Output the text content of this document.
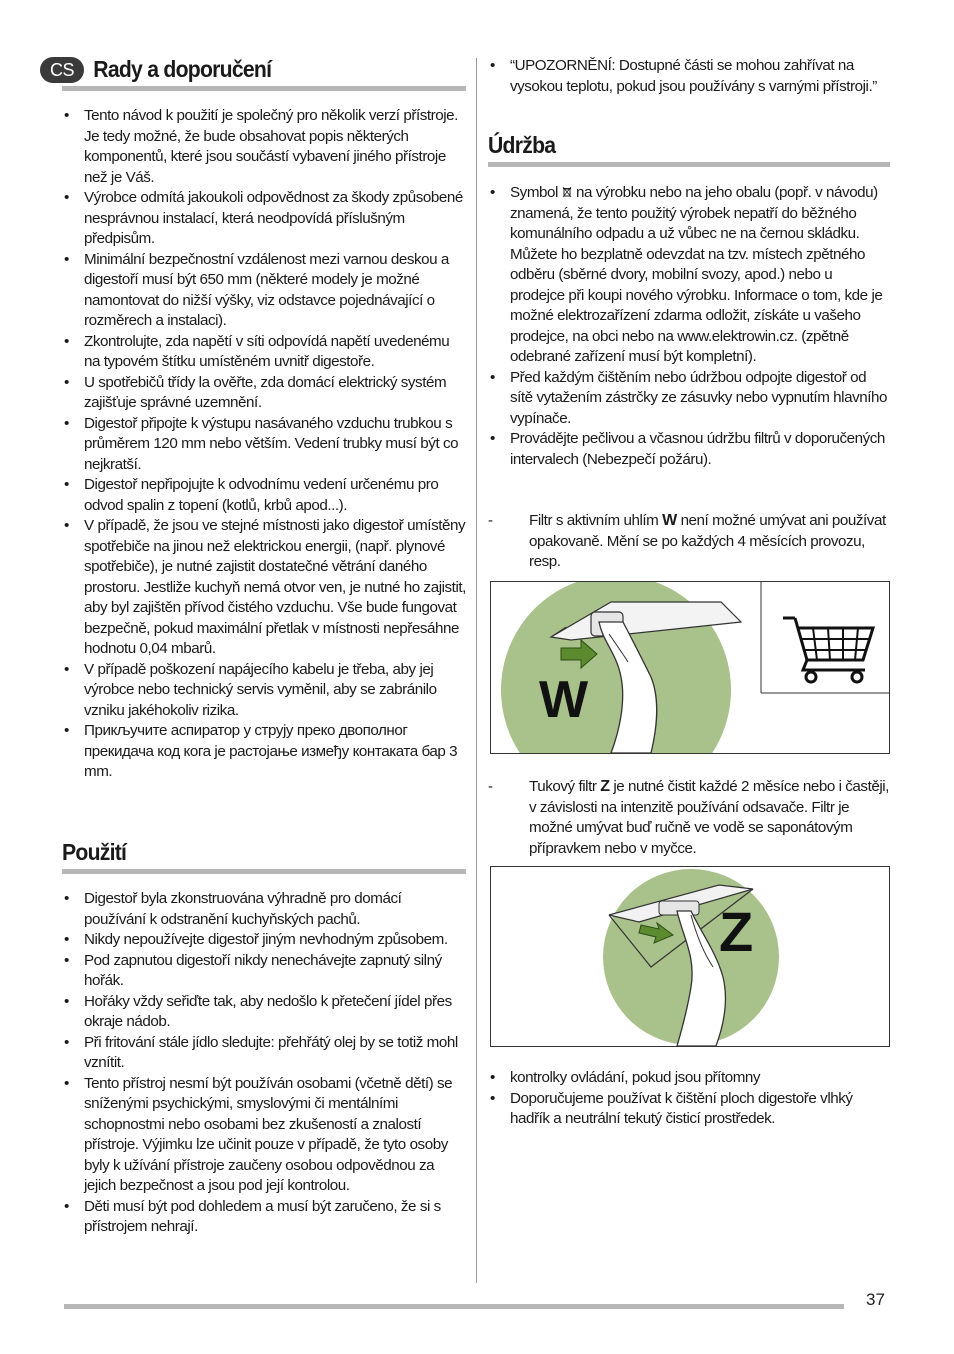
CS Rady a doporučení
• Tento návod k použití je společný pro několik verzí přístroje. Je tedy možné, že bude obsahovat popis některých komponentů, které jsou součástí vybavení jiného přístroje než je Váš.
• Výrobce odmítá jakoukoli odpovědnost za škody způsobené nesprávnou instalací, která neodpovídá příslušným předpisům.
• Minimální bezpečnostní vzdálenost mezi varnou deskou a digestoří musí být 650 mm (některé modely je možné namontovat do nižší výšky, viz odstavce pojednávající o rozměrech a instalaci).
• Zkontrolujte, zda napětí v síti odpovídá napětí uvedenému na typovém štítku umístěném uvnitř digestoře.
• U spotřebičů třídy la ověřte, zda domácí elektrický systém zajišťuje správné uzemnění.
• Digestoř připojte k výstupu nasávaného vzduchu trubkou s průměrem 120 mm nebo větším. Vedení trubky musí být co nejkratší.
• Digestoř nepřipojujte k odvodnímu vedení určenému pro odvod spalin z topení (kotlů, krbů apod...).
• V případě, že jsou ve stejné místnosti jako digestoř umístěny spotřebiče na jinou než elektrickou energii, (např. plynové spotřebiče), je nutné zajistit dostatečné větrání daného prostoru. Jestliže kuchyň nemá otvor ven, je nutné ho zajistit, aby byl zajištěn přívod čistého vzduchu. Vše bude fungovat bezpečně, pokud maximální přetlak v místnosti nepřesáhne hodnotu 0,04 mbarů.
• V případě poškození napájecího kabelu je třeba, aby jej výrobce nebo technický servis vyměnil, aby se zabránilo vzniku jakéhokoliv rizika.
• Прикључите аспиратор у струју преко двополног прекидача код кога је растојање између контаката бар 3 mm.
Použití
• Digestoř byla zkonstruována výhradně pro domácí používání k odstranění kuchyňských pachů.
• Nikdy nepoužívejte digestoř jiným nevhodným způsobem.
• Pod zapnutou digestoří nikdy nenechávejte zapnutý silný hořák.
• Hořáky vždy seřiďte tak, aby nedošlo k přetečení jídel přes okraje nádob.
• Při fritování stále jídlo sledujte: přehřátý olej by se totiž mohl vznítit.
• Tento přístroj nesmí být používán osobami (včetně dětí) se sníženými psychickými, smyslovými či mentálními schopnostmi nebo osobami bez zkušeností a znalostí přístroje. Výjimku lze učinit pouze v případě, že tyto osoby byly k užívání přístroje zaučeny osobou odpovědnou za jejich bezpečnost a jsou pod její kontrolou.
• Děti musí být pod dohledem a musí být zaručeno, že si s přístrojem nehrají.
• “UPOZORNĚNÍ: Dostupné části se mohou zahřívat na vysokou teplotu, pokud jsou používány s varnými přístroji.”
Údržba
• Symbol na výrobku nebo na jeho obalu (popř. v návodu) znamená, že tento použitý výrobek nepatří do běžného komunálního odpadu a už vůbec ne na černou skládku. Můžete ho bezplatně odevzdat na tzv. místech zpětného odběru (sběrné dvory, mobilní svozy, apod.) nebo u prodejce při koupi nového výrobku. Informace o tom, kde je možné elektrozařízení zdarma odložit, získáte u vašeho prodejce, na obci nebo na www.elektrowin.cz. (zpětně odebrané zařízení musí být kompletní).
• Před každým čištěním nebo údržbou odpojte digestoř od sítě vytažením zástrčky ze zásuvky nebo vypnutím hlavního vypínače.
• Provádějte pečlivou a včasnou údržbu filtrů v doporučených intervalech (Nebezpečí požáru).
- Filtr s aktivním uhlím W není možné umývat ani používat opakovaně. Mění se po každých 4 měsících provozu, resp.
W
- Tukový filtr Z je nutné čistit každé 2 měsíce nebo i častěji, v závislosti na intenzitě používání odsavače. Filtr je možné umývat buď ručně ve vodě se saponátovým přípravkem nebo v myčce.
Z
• kontrolky ovládání, pokud jsou přítomny
• Doporučujeme používat k čištění ploch digestoře vlhký hadřík a neutrální tekutý čisticí prostředek.
37
